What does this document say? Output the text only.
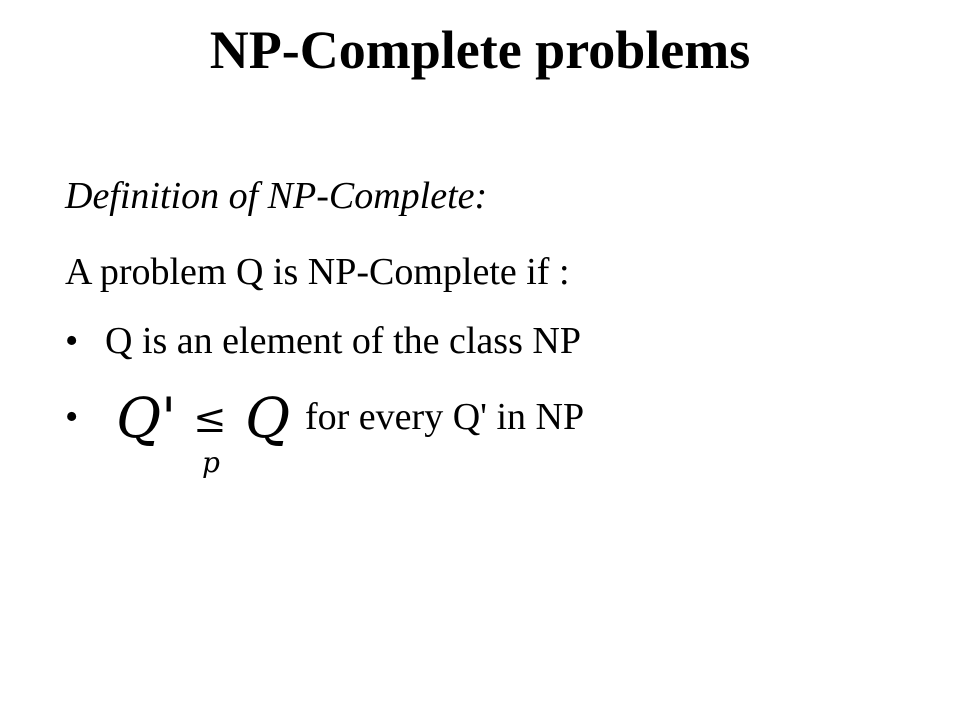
NP-Complete problems
Definition of NP-Complete:
A problem Q is NP-Complete if :
• Q is an element of the class NP
• Q' ≤
p
Q for every Q' in NP
